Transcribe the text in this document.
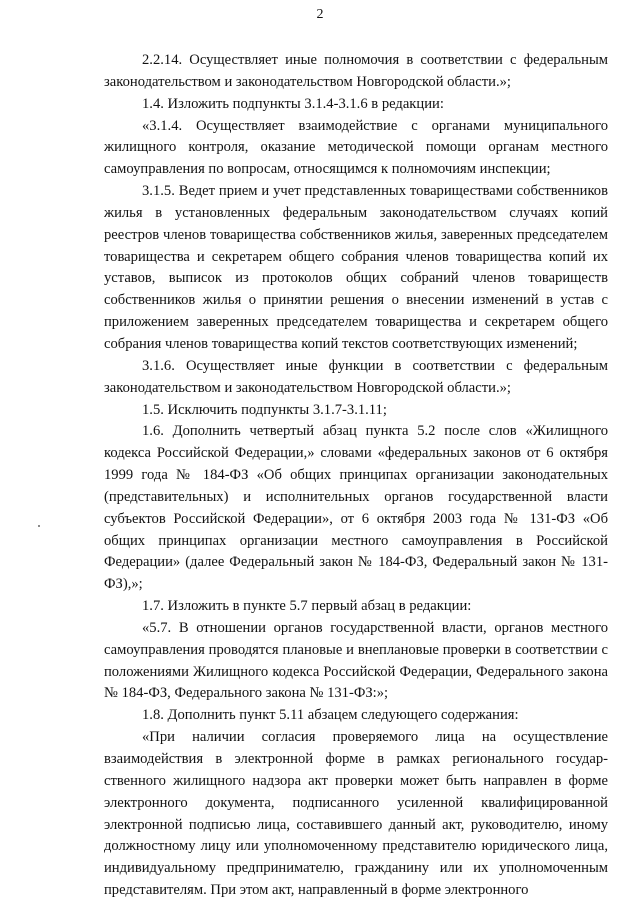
2

2.2.14. Осуществляет иные полномочия в соответствии с федеральным законодательством и законодательством Новгородской области.»;

1.4. Изложить подпункты 3.1.4-3.1.6 в редакции:

«3.1.4. Осуществляет взаимодействие с органами муниципального жилищного контроля, оказание методической помощи органам местного самоуправления по вопросам, относящимся к полномочиям инспекции;

3.1.5. Ведет прием и учет представленных товариществами собственников жилья в установленных федеральным законодательством случаях копий реестров членов товарищества собственников жилья, заверенных председателем товарищества и секретарем общего собрания членов товарищества копий их уставов, выписок из протоколов общих собраний членов товариществ собственников жилья о принятии решения о внесении изменений в устав с приложением заверенных председателем товарищества и секретарем общего собрания членов товарищества копий текстов соответствующих изменений;

3.1.6. Осуществляет иные функции в соответствии с федеральным законодательством и законодательством Новгородской области.»;

1.5. Исключить подпункты 3.1.7-3.1.11;

1.6. Дополнить четвертый абзац пункта 5.2 после слов «Жилищного кодекса Российской Федерации,» словами «федеральных законов от 6 октября 1999 года № 184-ФЗ «Об общих принципах организации законодательных (представительных) и исполнительных органов государственной власти субъектов Российской Федерации», от 6 октября 2003 года № 131-ФЗ «Об общих принципах организации местного самоуправления в Российской Федерации» (далее Федеральный закон № 184-ФЗ, Федеральный закон № 131-ФЗ),»;

1.7. Изложить в пункте 5.7 первый абзац в редакции:

«5.7. В отношении органов государственной власти, органов местного самоуправления проводятся плановые и внеплановые проверки в соответствии с положениями Жилищного кодекса Российской Федерации, Федерального закона № 184-ФЗ, Федерального закона № 131-ФЗ:»;

1.8. Дополнить пункт 5.11 абзацем следующего содержания:

«При наличии согласия проверяемого лица на осуществление взаимодействия в электронной форме в рамках регионального государ-ственного жилищного надзора акт проверки может быть направлен в форме электронного документа, подписанного усиленной квалифицированной электронной подписью лица, составившего данный акт, руководителю, иному должностному лицу или уполномоченному представителю юридического лица, индивидуальному предпринимателю, гражданину или их уполномоченным представителям. При этом акт, направленный в форме электронного
